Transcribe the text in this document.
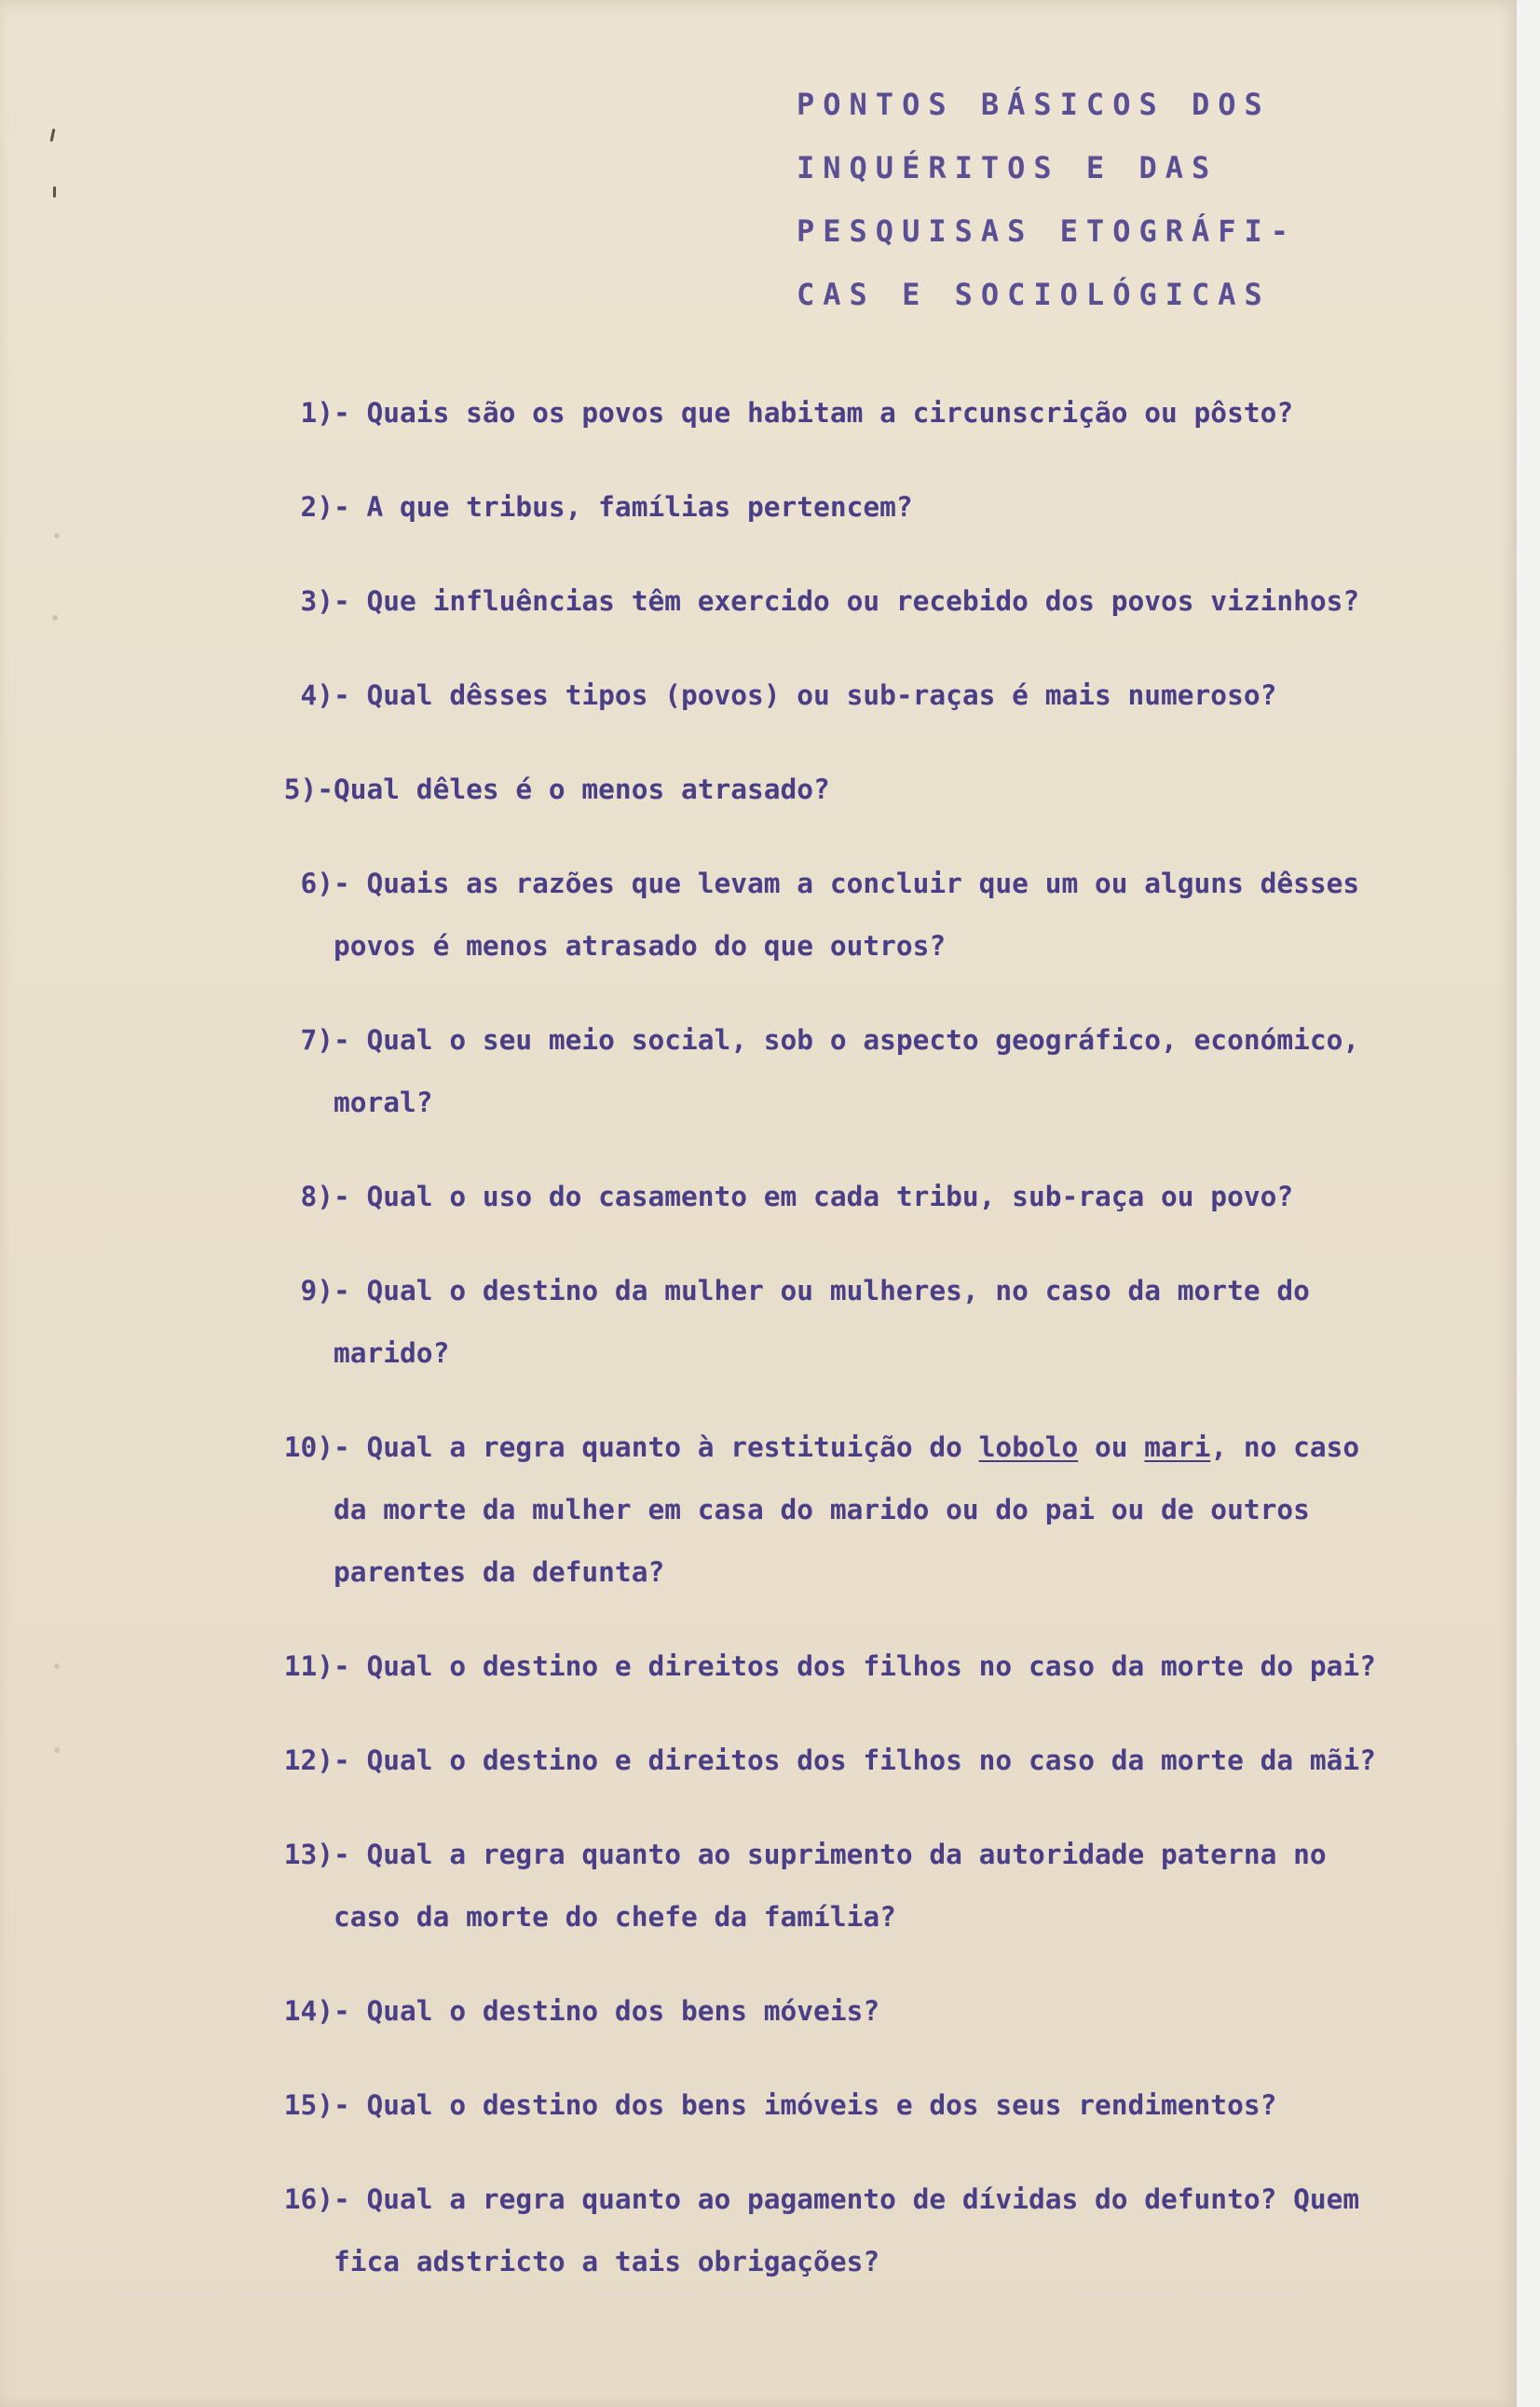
PONTOS BÁSICOS DOS
INQUÉRITOS E DAS
PESQUISAS ETOGRÁFI-
CAS E SOCIOLÓGICAS
1) - Quais são os povos que habitam a circunscrição ou pôsto?
2) - A que tribus, famílias pertencem?
3) - Que influências têm exercido ou recebido dos povos vizinhos?
4) - Qual dêsses tipos (povos) ou sub-raças é mais numeroso?
5)- Qual dêles é o menos atrasado?
6) - Quais as razões que levam a concluir que um ou alguns dêsses
povos é menos atrasado do que outros?
7) - Qual o seu meio social, sob o aspecto geográfico, económico,
moral?
8) - Qual o uso do casamento em cada tribu, sub-raça ou povo?
9) - Qual o destino da mulher ou mulheres, no caso da morte do
marido?
10) - Qual a regra quanto à restituição do lobolo ou mari, no caso
da morte da mulher em casa do marido ou do pai ou de outros
parentes da defunta?
11) - Qual o destino e direitos dos filhos no caso da morte do pai?
12) - Qual o destino e direitos dos filhos no caso da morte da mãi?
13) - Qual a regra quanto ao suprimento da autoridade paterna no
caso da morte do chefe da família?
14) - Qual o destino dos bens móveis?
15) - Qual o destino dos bens imóveis e dos seus rendimentos?
16) - Qual a regra quanto ao pagamento de dívidas do defunto? Quem
fica adstricto a tais obrigações?
